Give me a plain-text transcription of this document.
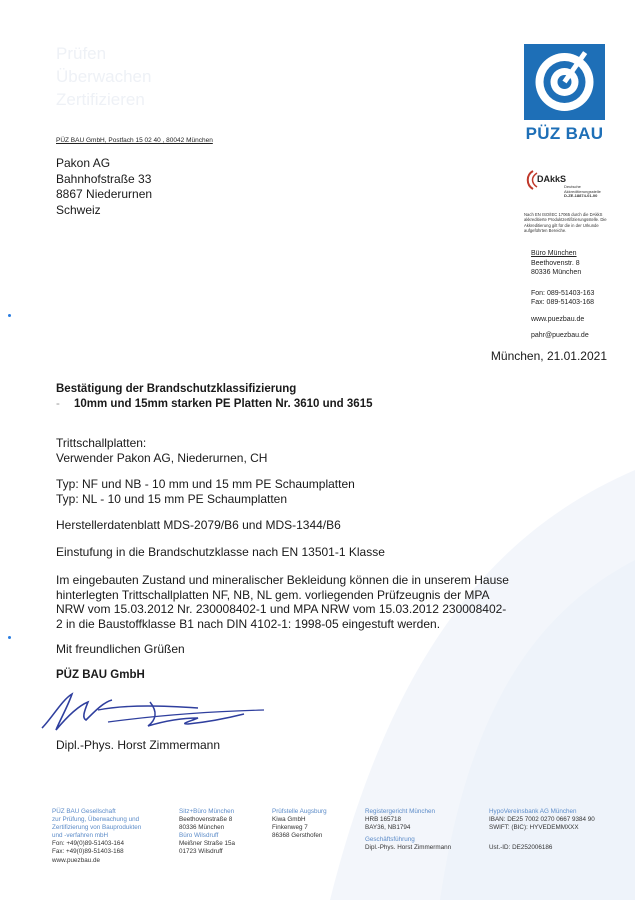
Prüfen
Überwachen
Zertifizieren
PÜZ BAU
PÜZ BAU GmbH, Postfach 15 02 40 , 80042 München
Pakon AG
Bahnhofstraße 33
8867 Niederurnen
Schweiz
DAkkS
Deutsche
Akkreditierungsstelle
D-ZE-18874-01-00
Nach EN ISO/IEC 17065 durch die DAkkS akkreditierte Produktzertifizierungsstelle. Die Akkreditierung gilt für die in der Urkunde aufgeführten Bereiche.
Büro München
Beethovenstr. 8
80336 München
Fon: 089-51403-163
Fax: 089-51403-168
www.puezbau.de
pahr@puezbau.de
München, 21.01.2021
Bestätigung der Brandschutzklassifizierung
- 10mm und 15mm starken PE Platten Nr. 3610 und 3615
Trittschallplatten:
Verwender Pakon AG, Niederurnen, CH
Typ: NF und NB - 10 mm und 15 mm PE Schaumplatten
Typ: NL - 10 und 15 mm PE Schaumplatten
Herstellerdatenblatt MDS-2079/B6 und MDS-1344/B6
Einstufung in die Brandschutzklasse nach EN 13501-1 Klasse
Im eingebauten Zustand und mineralischer Bekleidung können die in unserem Hause
hinterlegten Trittschallplatten NF, NB, NL gem. vorliegenden Prüfzeugnis der MPA
NRW vom 15.03.2012 Nr. 230008402-1 und MPA NRW vom 15.03.2012 230008402-
2 in die Baustoffklasse B1 nach DIN 4102-1: 1998-05 eingestuft werden.
Mit freundlichen Grüßen
PÜZ BAU GmbH
Dipl.-Phys. Horst Zimmermann
PÜZ BAU Gesellschaft
zur Prüfung, Überwachung und
Zertifizierung von Bauprodukten
und -verfahren mbH
Fon: +49(0)89-51403-164
Fax: +49(0)89-51403-168
www.puezbau.de
Sitz+Büro München
Beethovenstraße 8
80336 München
Büro Wilsdruff
Meißner Straße 15a
01723 Wilsdruff
Prüfstelle Augsburg
Kiwa GmbH
Finkenweg 7
86368 Gersthofen
Registergericht München
HRB 165718
BAY36, NB1794
Geschäftsführung
Dipl.-Phys. Horst Zimmermann
HypoVereinsbank AG München
IBAN: DE25 7002 0270 0667 9384 90
SWIFT: (BIC): HYVEDEMMXXX
Ust.-ID: DE252006186
